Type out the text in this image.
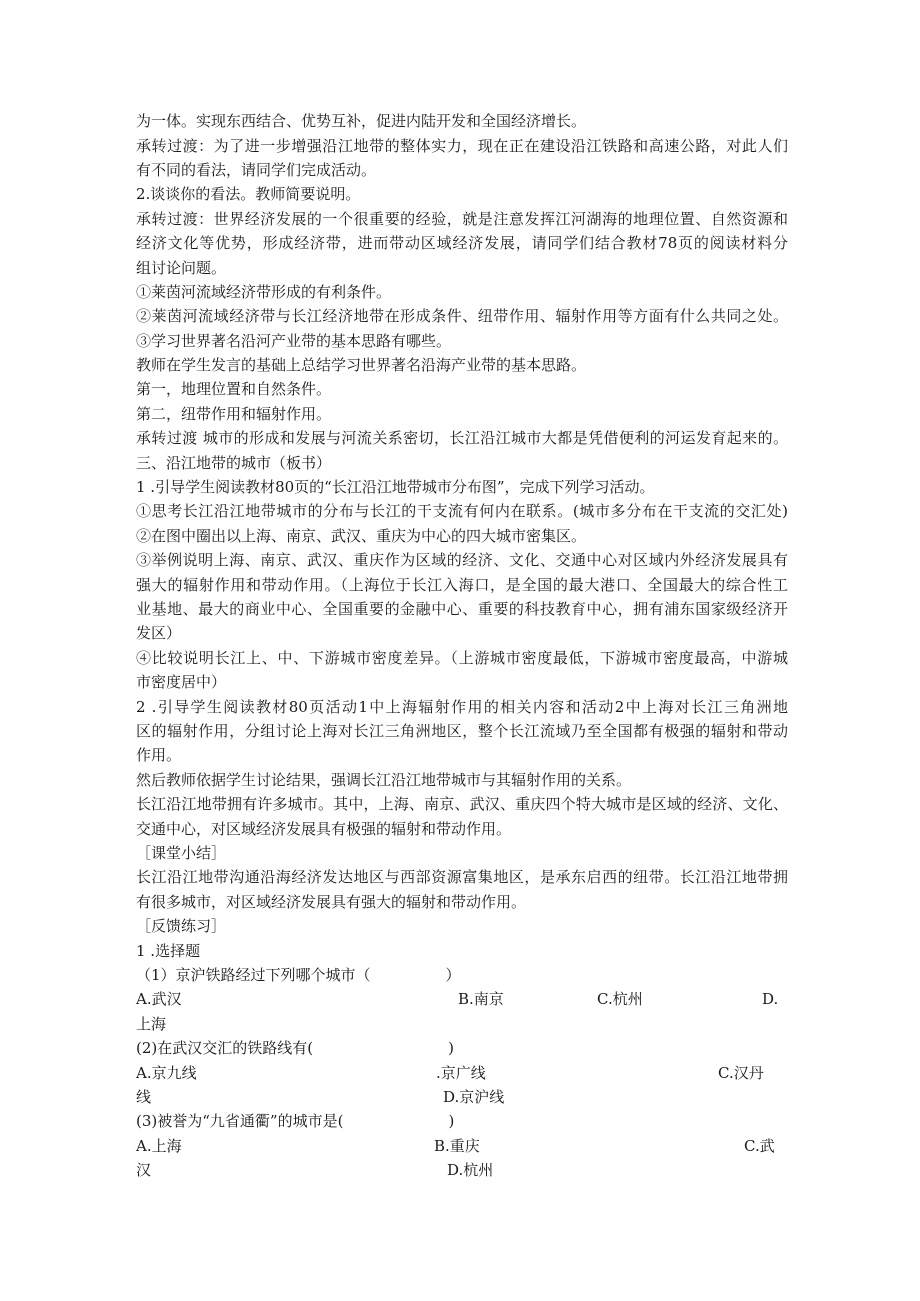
为一体。实现东西结合、优势互补，促进内陆开发和全国经济增长。
承转过渡：为了进一步增强沿江地带的整体实力，现在正在建设沿江铁路和高速公路，对此人们
有不同的看法，请同学们完成活动。
2.谈谈你的看法。教师简要说明。
承转过渡：世界经济发展的一个很重要的经验，就是注意发挥江河湖海的地理位置、自然资源和
经济文化等优势，形成经济带，进而带动区域经济发展，请同学们结合教材78页的阅读材料分
组讨论问题。
①莱茵河流域经济带形成的有利条件。
②莱茵河流域经济带与长江经济地带在形成条件、纽带作用、辐射作用等方面有什么共同之处。
③学习世界著名沿河产业带的基本思路有哪些。
教师在学生发言的基础上总结学习世界著名沿海产业带的基本思路。
第一，地理位置和自然条件。
第二，纽带作用和辐射作用。
承转过渡 城市的形成和发展与河流关系密切，长江沿江城市大都是凭借便利的河运发育起来的。
三、沿江地带的城市（板书）
1 .引导学生阅读教材80页的“长江沿江地带城市分布图”，完成下列学习活动。
①思考长江沿江地带城市的分布与长江的干支流有何内在联系。(城市多分布在干支流的交汇处)
②在图中圈出以上海、南京、武汉、重庆为中心的四大城市密集区。
③举例说明上海、南京、武汉、重庆作为区域的经济、文化、交通中心对区域内外经济发展具有
强大的辐射作用和带动作用。（上海位于长江入海口，是全国的最大港口、全国最大的综合性工
业基地、最大的商业中心、全国重要的金融中心、重要的科技教育中心，拥有浦东国家级经济开
发区）
④比较说明长江上、中、下游城市密度差异。（上游城市密度最低，下游城市密度最高，中游城
市密度居中）
2 .引导学生阅读教材80页活动1中上海辐射作用的相关内容和活动2中上海对长江三角洲地
区的辐射作用，分组讨论上海对长江三角洲地区，整个长江流域乃至全国都有极强的辐射和带动
作用。
然后教师依据学生讨论结果，强调长江沿江地带城市与其辐射作用的关系。
长江沿江地带拥有许多城市。其中，上海、南京、武汉、重庆四个特大城市是区域的经济、文化、
交通中心，对区域经济发展具有极强的辐射和带动作用。
［课堂小结］
长江沿江地带沟通沿海经济发达地区与西部资源富集地区，是承东启西的纽带。长江沿江地带拥
有很多城市，对区域经济发展具有强大的辐射和带动作用。
［反馈练习］
1 .选择题
（1）京沪铁路经过下列哪个城市（　　　　　）
A.武汉	B.南京	C.杭州	D.
上海
(2)在武汉交汇的铁路线有(　　　　　　　　　)
A.京九线	.京广线	C.汉丹
线	D.京沪线
(3)被誉为“九省通衢”的城市是(　　　　　　　)
A.上海	B.重庆	C.武
汉	D.杭州
